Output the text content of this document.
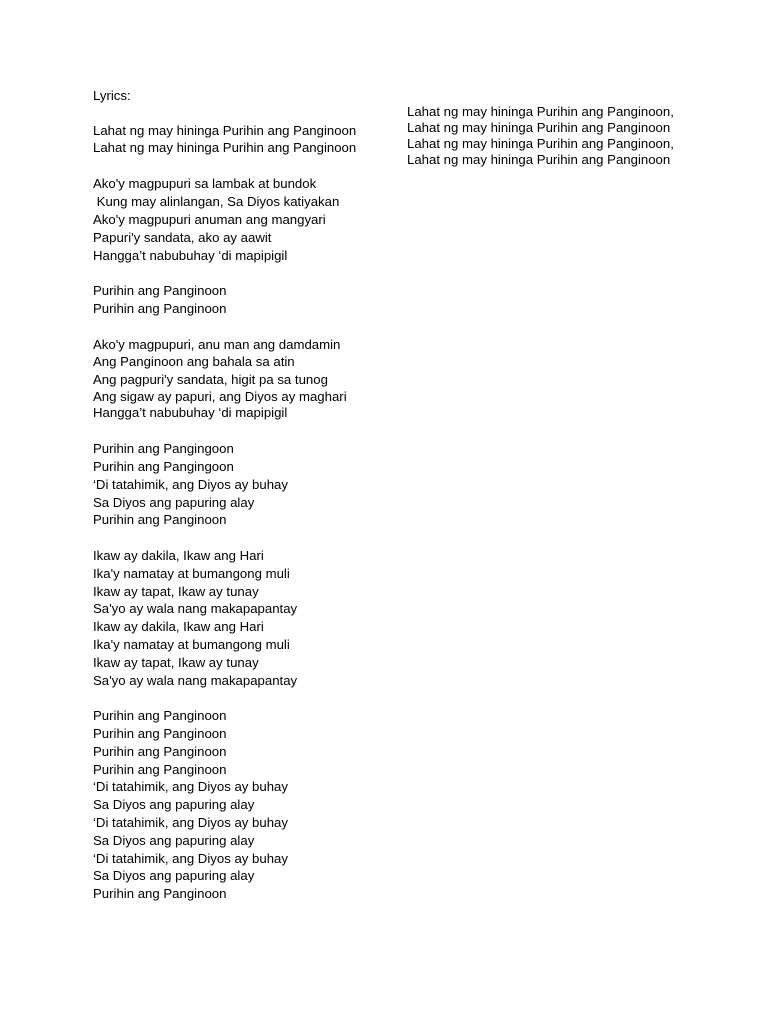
Lyrics:
Lahat ng may hininga Purihin ang Panginoon
Lahat ng may hininga Purihin ang Panginoon
Ako'y magpupuri sa lambak at bundok
Kung may alinlangan, Sa Diyos katiyakan
Ako'y magpupuri anuman ang mangyari
Papuri'y sandata, ako ay aawit
Hangga’t nabubuhay ‘di mapipigil
Purihin ang Panginoon
Purihin ang Panginoon
Ako'y magpupuri, anu man ang damdamin
Ang Panginoon ang bahala sa atin
Ang pagpuri'y sandata, higit pa sa tunog
Ang sigaw ay papuri, ang Diyos ay maghari Hangga’t nabubuhay ‘di mapipigil
Purihin ang Pangingoon
Purihin ang Pangingoon
‘Di tatahimik, ang Diyos ay buhay
Sa Diyos ang papuring alay
Purihin ang Panginoon
Ikaw ay dakila, Ikaw ang Hari
Ika'y namatay at bumangong muli
Ikaw ay tapat, Ikaw ay tunay
Sa'yo ay wala nang makapapantay
Ikaw ay dakila, Ikaw ang Hari
Ika'y namatay at bumangong muli
Ikaw ay tapat, Ikaw ay tunay
Sa'yo ay wala nang makapapantay
Purihin ang Panginoon
Purihin ang Panginoon
Purihin ang Panginoon
Purihin ang Panginoon
‘Di tatahimik, ang Diyos ay buhay
Sa Diyos ang papuring alay
‘Di tatahimik, ang Diyos ay buhay
Sa Diyos ang papuring alay
‘Di tatahimik, ang Diyos ay buhay
Sa Diyos ang papuring alay
Purihin ang Panginoon
Lahat ng may hininga Purihin ang Panginoon, Lahat ng may hininga Purihin ang Panginoon
Lahat ng may hininga Purihin ang Panginoon, Lahat ng may hininga Purihin ang Panginoon
